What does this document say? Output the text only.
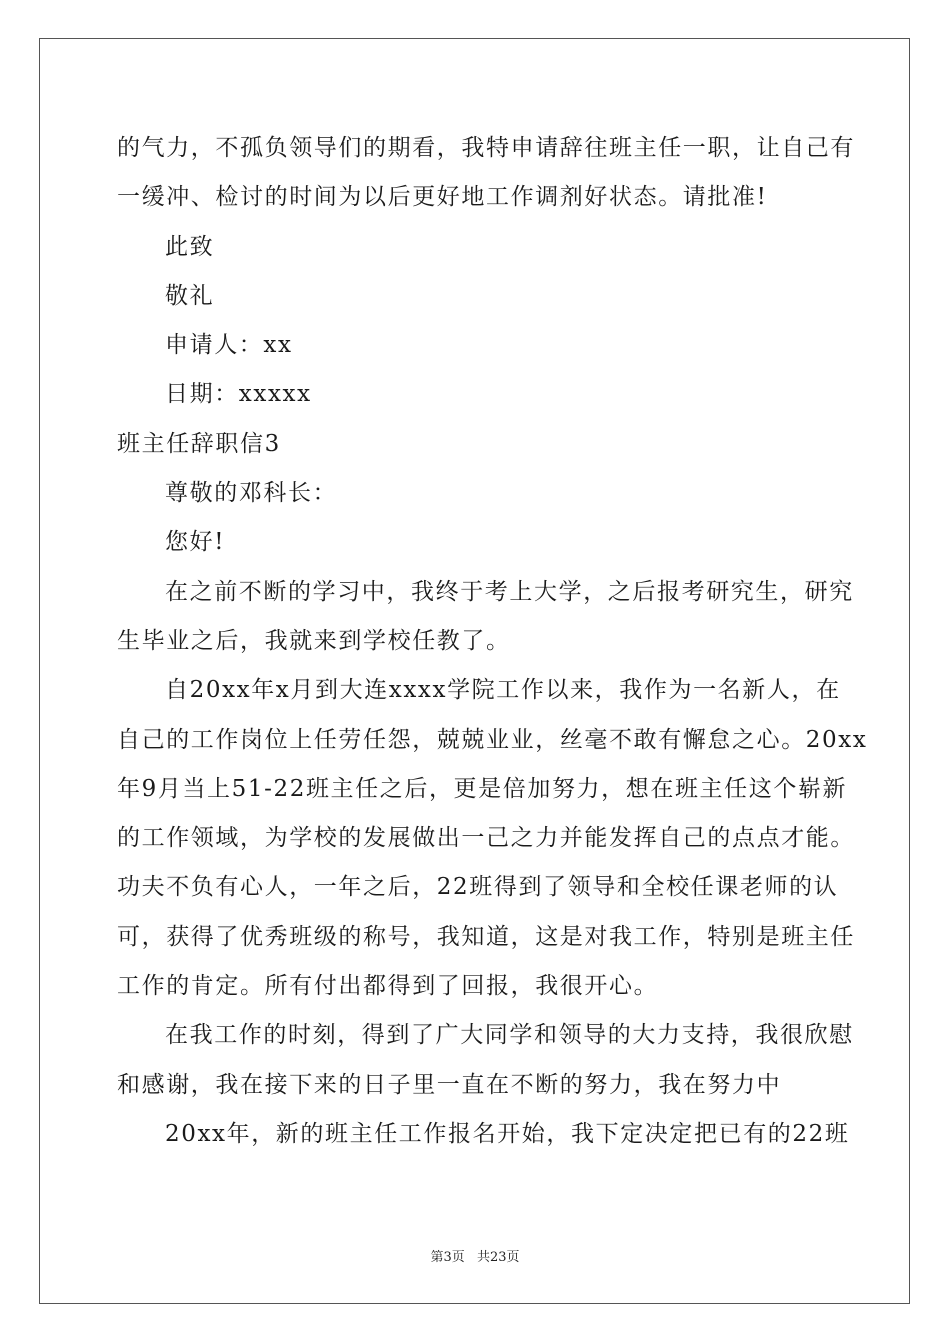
的气力，不孤负领导们的期看，我特申请辞往班主任一职，让自己有
一缓冲、检讨的时间为以后更好地工作调剂好状态。请批准!
此致
敬礼
申请人：xx
日期：xxxxx
班主任辞职信3
尊敬的邓科长：
您好!
在之前不断的学习中，我终于考上大学，之后报考研究生，研究
生毕业之后，我就来到学校任教了。
自20xx年x月到大连xxxx学院工作以来，我作为一名新人，在
自己的工作岗位上任劳任怨，兢兢业业，丝毫不敢有懈怠之心。20xx
年9月当上51-22班主任之后，更是倍加努力，想在班主任这个崭新
的工作领域，为学校的发展做出一己之力并能发挥自己的点点才能。
功夫不负有心人，一年之后，22班得到了领导和全校任课老师的认
可，获得了优秀班级的称号，我知道，这是对我工作，特别是班主任
工作的肯定。所有付出都得到了回报，我很开心。
在我工作的时刻，得到了广大同学和领导的大力支持，我很欣慰
和感谢，我在接下来的日子里一直在不断的努力，我在努力中
20xx年，新的班主任工作报名开始，我下定决定把已有的22班
第3页 共23页
